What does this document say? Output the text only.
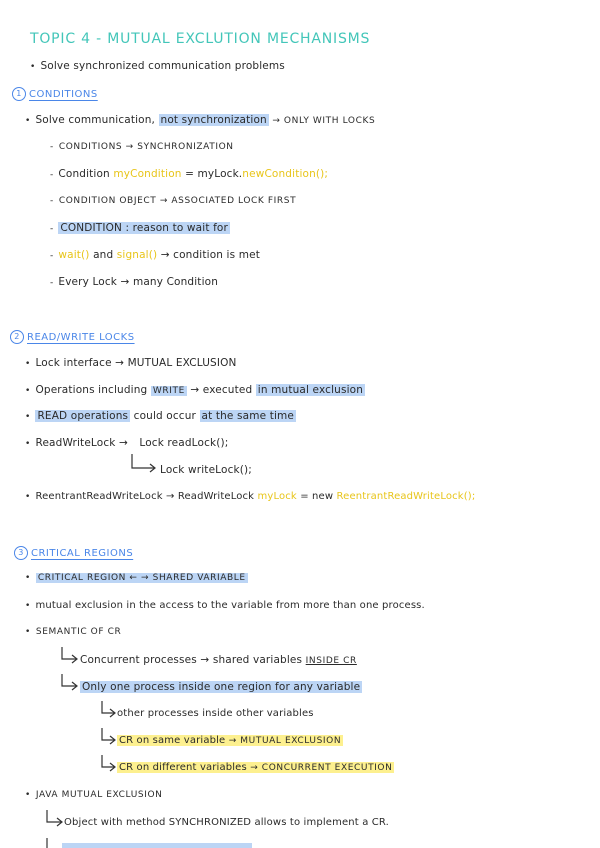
TOPIC 4 - MUTUAL EXCLUTION MECHANISMS
• Solve synchronized communication problems
1 CONDITIONS
• Solve communication, not synchronization → ONLY WITH LOCKS
- CONDITIONS → SYNCHRONIZATION
- Condition myCondition = myLock.newCondition();
- CONDITION OBJECT → ASSOCIATED LOCK FIRST
- CONDITION : reason to wait for
- wait() and signal() → condition is met
- Every Lock → many Condition
2 READ/WRITE LOCKS
• Lock interface → MUTUAL EXCLUSION
• Operations including WRITE → executed in mutual exclusion
• READ operations could occur at the same time
• ReadWriteLock → Lock readLock();
Lock writeLock();
• ReentrantReadWriteLock → ReadWriteLock myLock = new ReentrantReadWriteLock();
3 CRITICAL REGIONS
• CRITICAL REGION ← → SHARED VARIABLE
• mutual exclusion in the access to the variable from more than one process.
• SEMANTIC OF CR
Concurrent processes → shared variables INSIDE CR
Only one process inside one region for any variable
other processes inside other variables
CR on same variable → MUTUAL EXCLUSION
CR on different variables → CONCURRENT EXECUTION
• JAVA MUTUAL EXCLUSION
Object with method SYNCHRONIZED allows to implement a CR.
